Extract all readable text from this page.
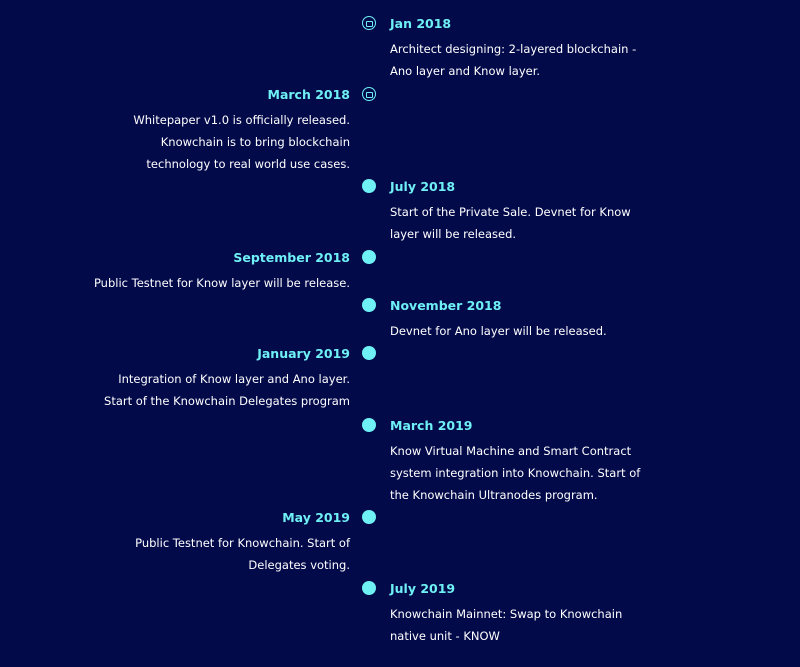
Jan 2018
Architect designing: 2-layered blockchain -
Ano layer and Know layer.
March 2018
Whitepaper v1.0 is officially released.
Knowchain is to bring blockchain
technology to real world use cases.
July 2018
Start of the Private Sale. Devnet for Know
layer will be released.
September 2018
Public Testnet for Know layer will be release.
November 2018
Devnet for Ano layer will be released.
January 2019
Integration of Know layer and Ano layer.
Start of the Knowchain Delegates program
March 2019
Know Virtual Machine and Smart Contract
system integration into Knowchain. Start of
the Knowchain Ultranodes program.
May 2019
Public Testnet for Knowchain. Start of
Delegates voting.
July 2019
Knowchain Mainnet: Swap to Knowchain
native unit - KNOW
